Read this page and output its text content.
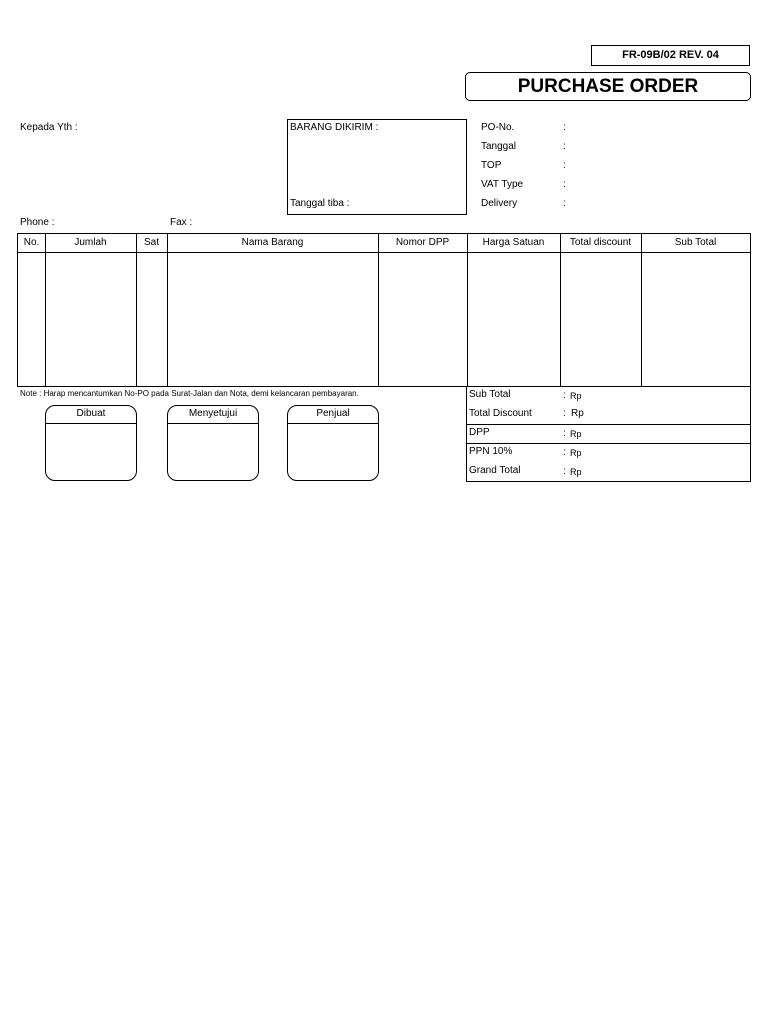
FR-09B/02 REV. 04
PURCHASE ORDER
Kepada Yth :	BARANG DIKIRIM :
Tanggal tiba :
PO-No.	:
Tanggal	:
TOP	:
VAT Type	:
Delivery	:
Phone :	Fax :
No.	Jumlah	Sat	Nama Barang	Nomor DPP	Harga Satuan	Total discount	Sub Total
Note : Harap mencantumkan No-PO pada Surat-Jalan dan Nota, demi kelancaran pembayaran.
Dibuat	Menyetujui	Penjual
Sub Total	: Rp
Total Discount	: Rp
DPP	: Rp
PPN 10%	: Rp
Grand Total	: Rp
